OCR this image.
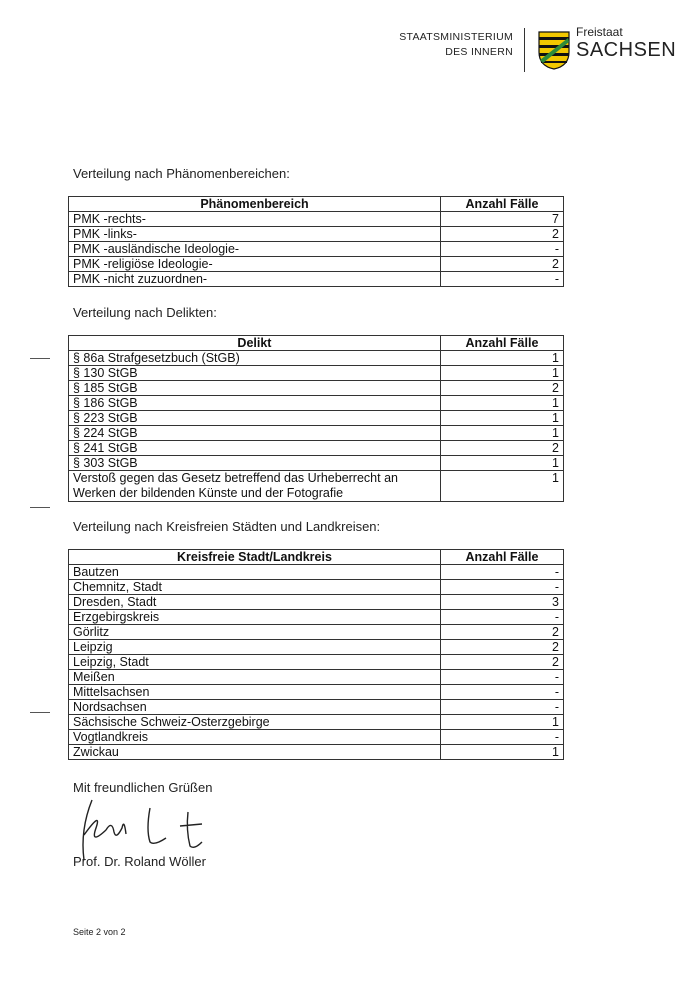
STAATSMINISTERIUM
DES INNERN
Freistaat
SACHSEN
Verteilung nach Phänomenbereichen:
Phänomenbereich	Anzahl Fälle
PMK -rechts-	7
PMK -links-	2
PMK -ausländische Ideologie-	-
PMK -religiöse Ideologie-	2
PMK -nicht zuzuordnen-	-
Verteilung nach Delikten:
Delikt	Anzahl Fälle
§ 86a Strafgesetzbuch (StGB)	1
§ 130 StGB	1
§ 185 StGB	2
§ 186 StGB	1
§ 223 StGB	1
§ 224 StGB	1
§ 241 StGB	2
§ 303 StGB	1
Verstoß gegen das Gesetz betreffend das Urheberrecht an Werken der bildenden Künste und der Fotografie	1
Verteilung nach Kreisfreien Städten und Landkreisen:
Kreisfreie Stadt/Landkreis	Anzahl Fälle
Bautzen	-
Chemnitz, Stadt	-
Dresden, Stadt	3
Erzgebirgskreis	-
Görlitz	2
Leipzig	2
Leipzig, Stadt	2
Meißen	-
Mittelsachsen	-
Nordsachsen	-
Sächsische Schweiz-Osterzgebirge	1
Vogtlandkreis	-
Zwickau	1
Mit freundlichen Grüßen
Prof. Dr. Roland Wöller
Seite 2 von 2
